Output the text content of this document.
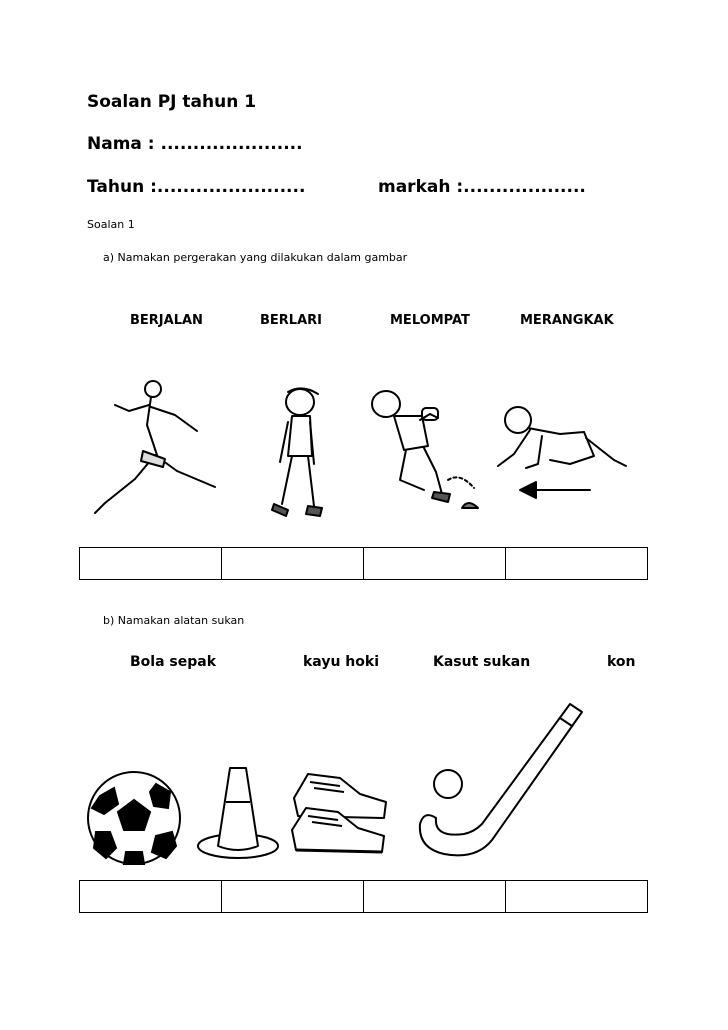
Soalan PJ tahun 1
Nama : ......................
Tahun :.......................	markah :...................
Soalan 1
a) Namakan pergerakan yang dilakukan dalam gambar
BERJALAN	BERLARI	MELOMPAT	MERANGKAK

b) Namakan alatan sukan
Bola sepak	kayu hoki	Kasut sukan	kon
